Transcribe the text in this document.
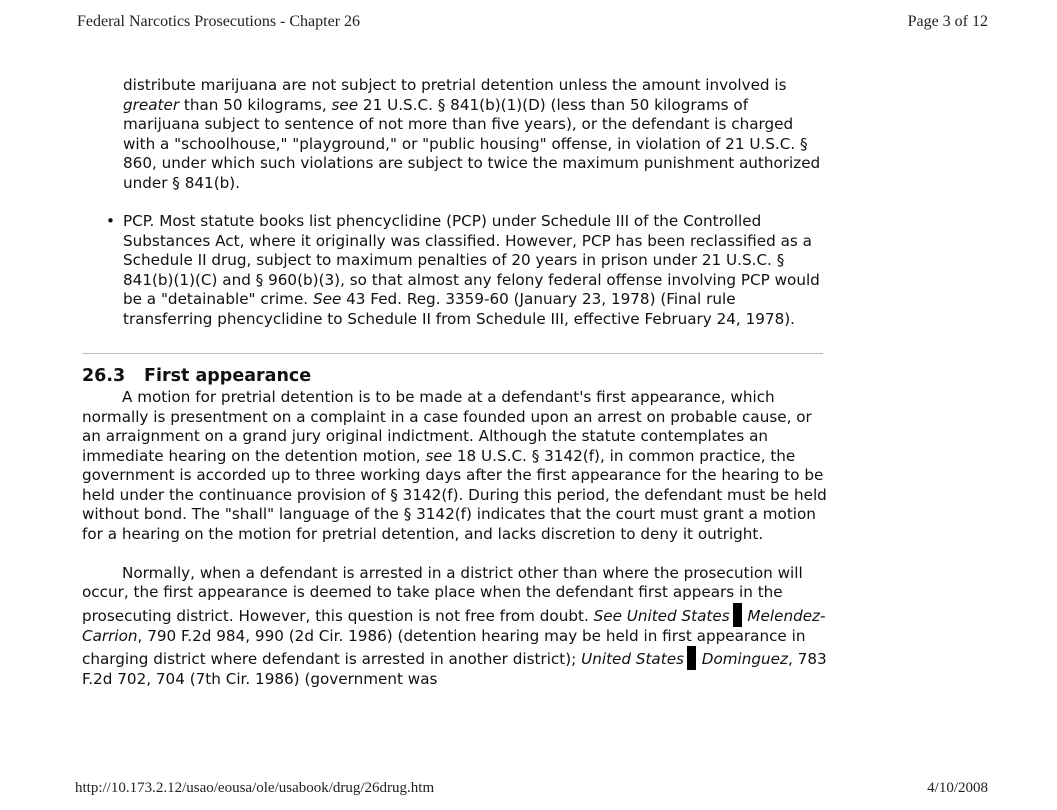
Federal Narcotics Prosecutions - Chapter 26	Page 3 of 12

distribute marijuana are not subject to pretrial detention unless the amount involved is greater than 50 kilograms, see 21 U.S.C. § 841(b)(1)(D) (less than 50 kilograms of marijuana subject to sentence of not more than five years), or the defendant is charged with a "schoolhouse," "playground," or "public housing" offense, in violation of 21 U.S.C. § 860, under which such violations are subject to twice the maximum punishment authorized under § 841(b).

• PCP. Most statute books list phencyclidine (PCP) under Schedule III of the Controlled Substances Act, where it originally was classified. However, PCP has been reclassified as a Schedule II drug, subject to maximum penalties of 20 years in prison under 21 U.S.C. § 841(b)(1)(C) and § 960(b)(3), so that almost any felony federal offense involving PCP would be a "detainable" crime. See 43 Fed. Reg. 3359-60 (January 23, 1978) (Final rule transferring phencyclidine to Schedule II from Schedule III, effective February 24, 1978).
26.3 First appearance

A motion for pretrial detention is to be made at a defendant's first appearance, which normally is presentment on a complaint in a case founded upon an arrest on probable cause, or an arraignment on a grand jury original indictment. Although the statute contemplates an immediate hearing on the detention motion, see 18 U.S.C. § 3142(f), in common practice, the government is accorded up to three working days after the first appearance for the hearing to be held under the continuance provision of § 3142(f). During this period, the defendant must be held without bond. The "shall" language of the § 3142(f) indicates that the court must grant a motion for a hearing on the motion for pretrial detention, and lacks discretion to deny it outright.

Normally, when a defendant is arrested in a district other than where the prosecution will occur, the first appearance is deemed to take place when the defendant first appears in the prosecuting district. However, this question is not free from doubt. See United States Melendez-Carrion, 790 F.2d 984, 990 (2d Cir. 1986) (detention hearing may be held in first appearance in charging district where defendant is arrested in another district); United States Dominguez, 783 F.2d 702, 704 (7th Cir. 1986) (government was

http://10.173.2.12/usao/eousa/ole/usabook/drug/26drug.htm	4/10/2008
